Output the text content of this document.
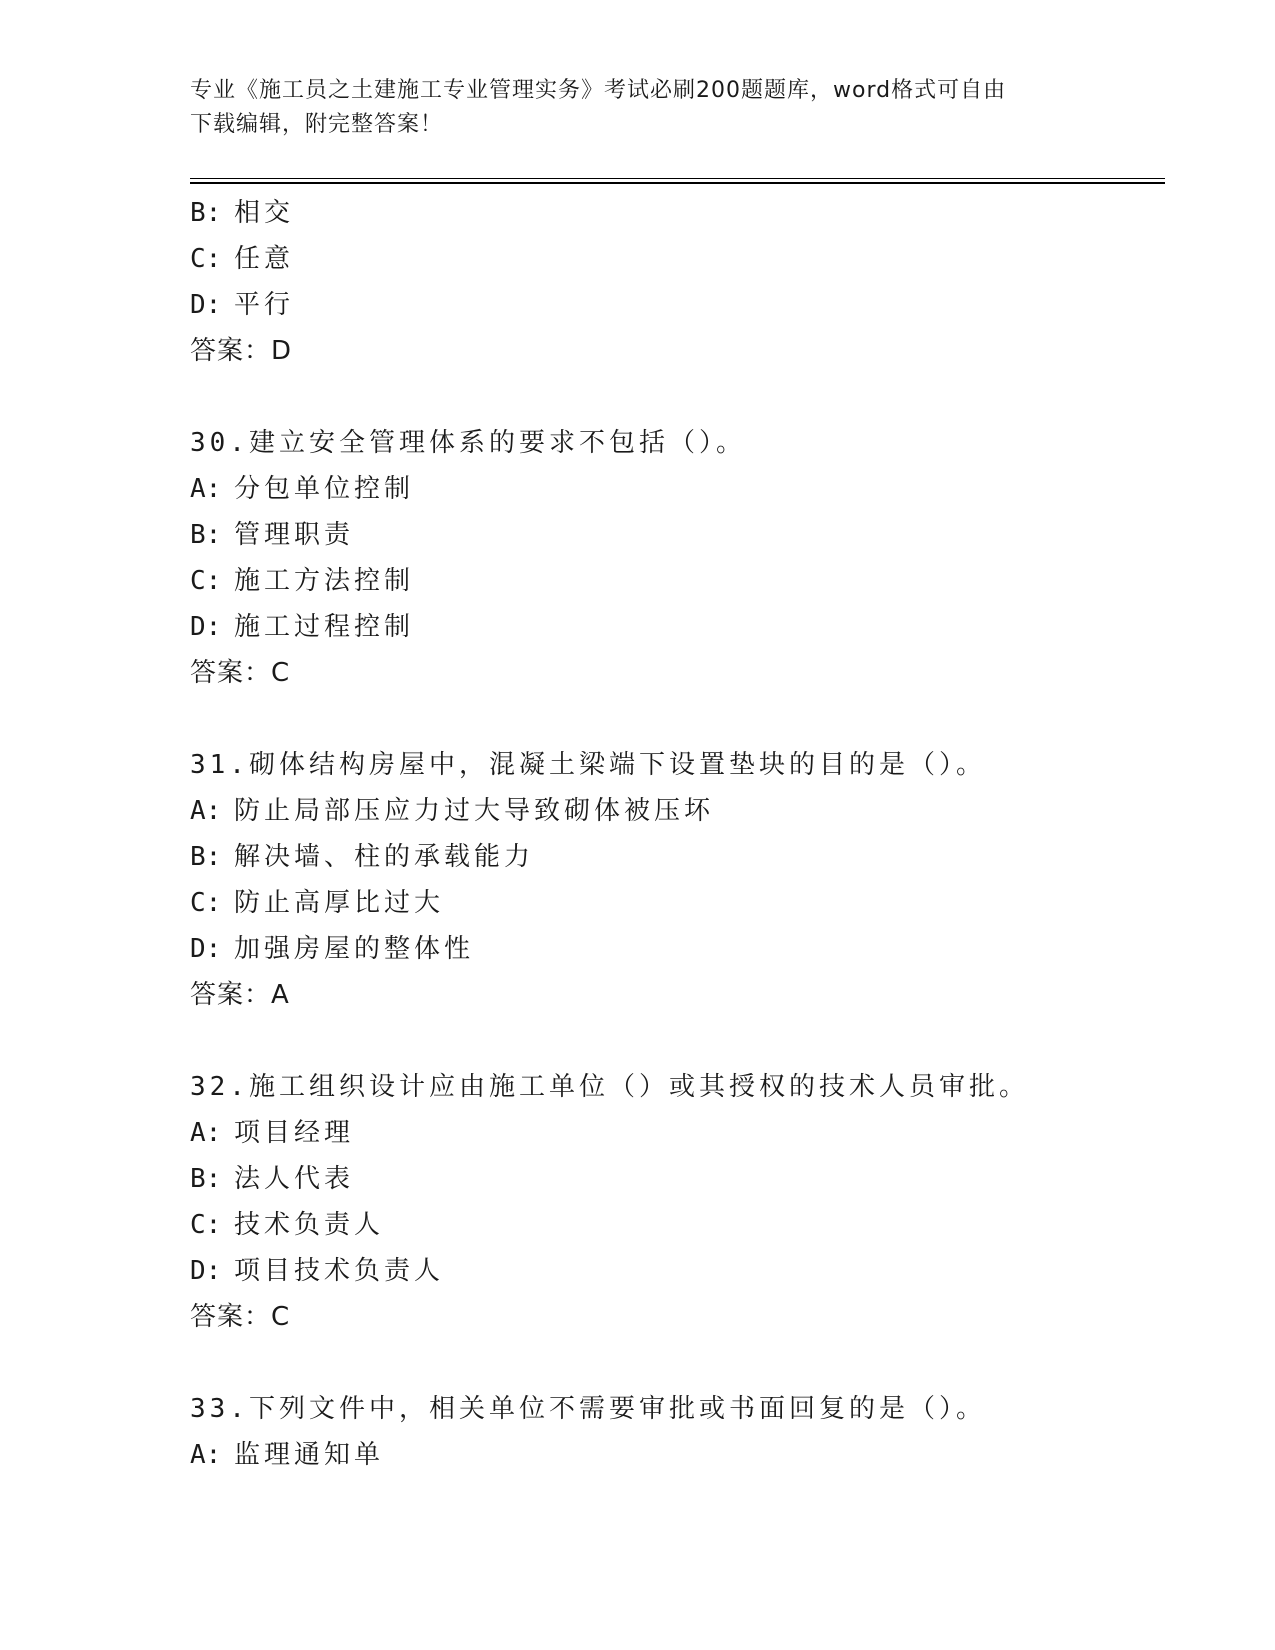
专业《施工员之土建施工专业管理实务》考试必刷200题题库，word格式可自由
下载编辑，附完整答案！
B: 相交
C: 任意
D: 平行
答案：D
30.建立安全管理体系的要求不包括（）。
A: 分包单位控制
B: 管理职责
C: 施工方法控制
D: 施工过程控制
答案：C
31.砌体结构房屋中，混凝土梁端下设置垫块的目的是（）。
A: 防止局部压应力过大导致砌体被压坏
B: 解决墙、柱的承载能力
C: 防止高厚比过大
D: 加强房屋的整体性
答案：A
32.施工组织设计应由施工单位（）或其授权的技术人员审批。
A: 项目经理
B: 法人代表
C: 技术负责人
D: 项目技术负责人
答案：C
33.下列文件中，相关单位不需要审批或书面回复的是（）。
A: 监理通知单
